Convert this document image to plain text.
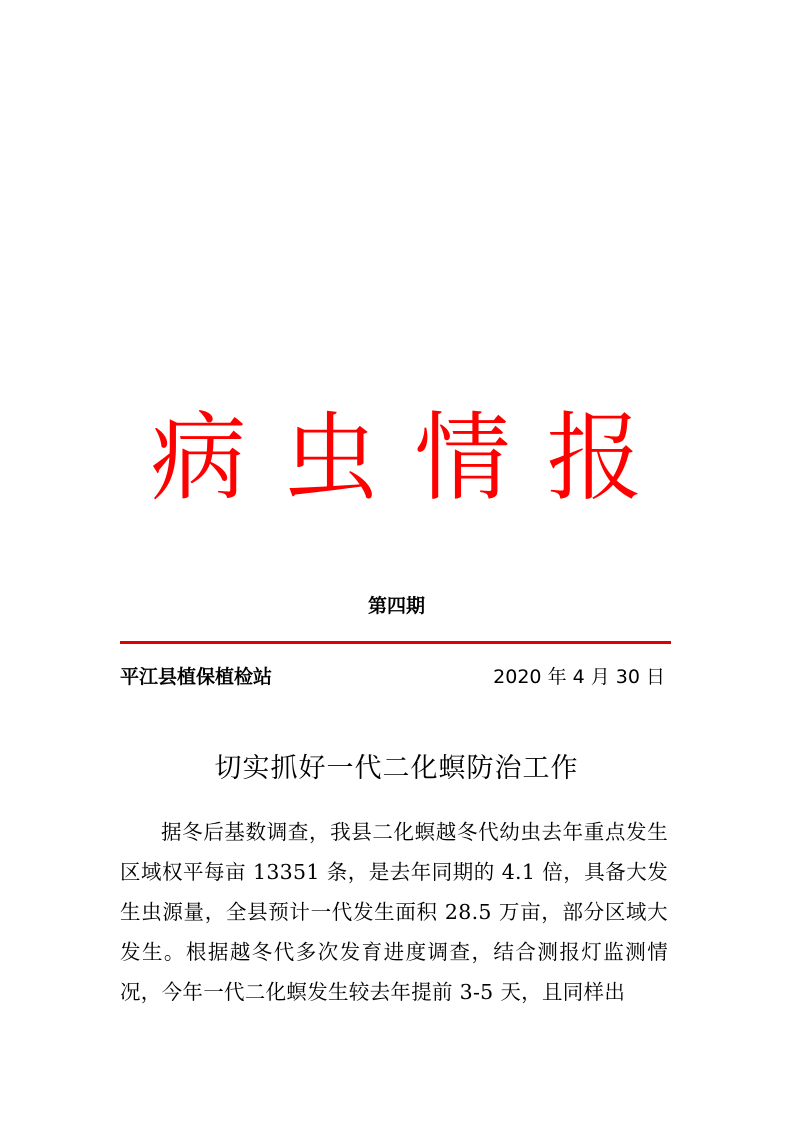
病虫情报
第四期
平江县植保植检站	2020 年 4 月 30 日
切实抓好一代二化螟防治工作

据冬后基数调查，我县二化螟越冬代幼虫去年重点发生区域权平每亩 13351 条，是去年同期的 4.1 倍，具备大发生虫源量，全县预计一代发生面积 28.5 万亩，部分区域大发生。根据越冬代多次发育进度调查，结合测报灯监测情况，今年一代二化螟发生较去年提前 3-5 天，且同样出
